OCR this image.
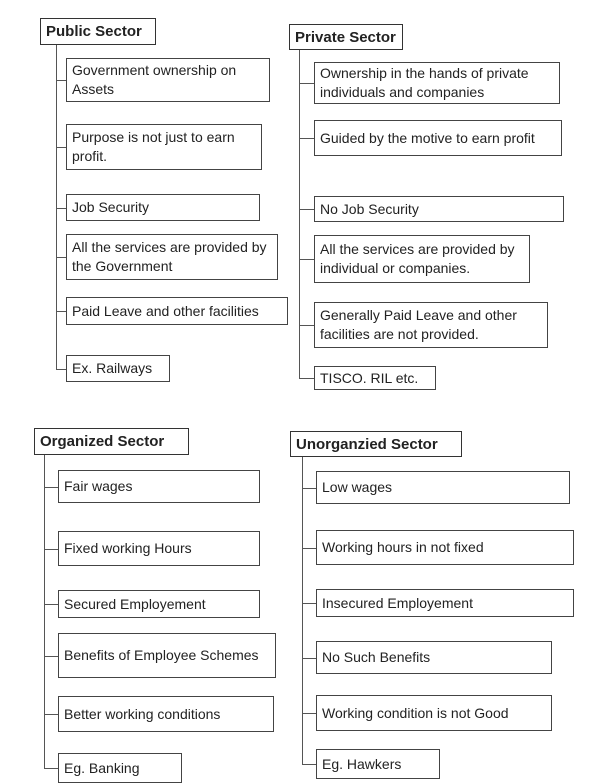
Public Sector
Government ownership on Assets
Purpose is not just to earn profit.
Job Security
All the services are provided by the Government
Paid Leave and other facilities
Ex. Railways
Private Sector
Ownership in the hands of private individuals and companies
Guided by the motive to earn profit
No Job Security
All the services are provided by individual or companies.
Generally Paid Leave and other facilities are not provided.
TISCO. RIL etc.
Organized Sector
Fair wages
Fixed working Hours
Secured Employement
Benefits of Employee Schemes
Better working conditions
Eg. Banking
Unorganzied Sector
Low wages
Working hours in not fixed
Insecured Employement
No Such Benefits
Working condition is not Good
Eg. Hawkers
